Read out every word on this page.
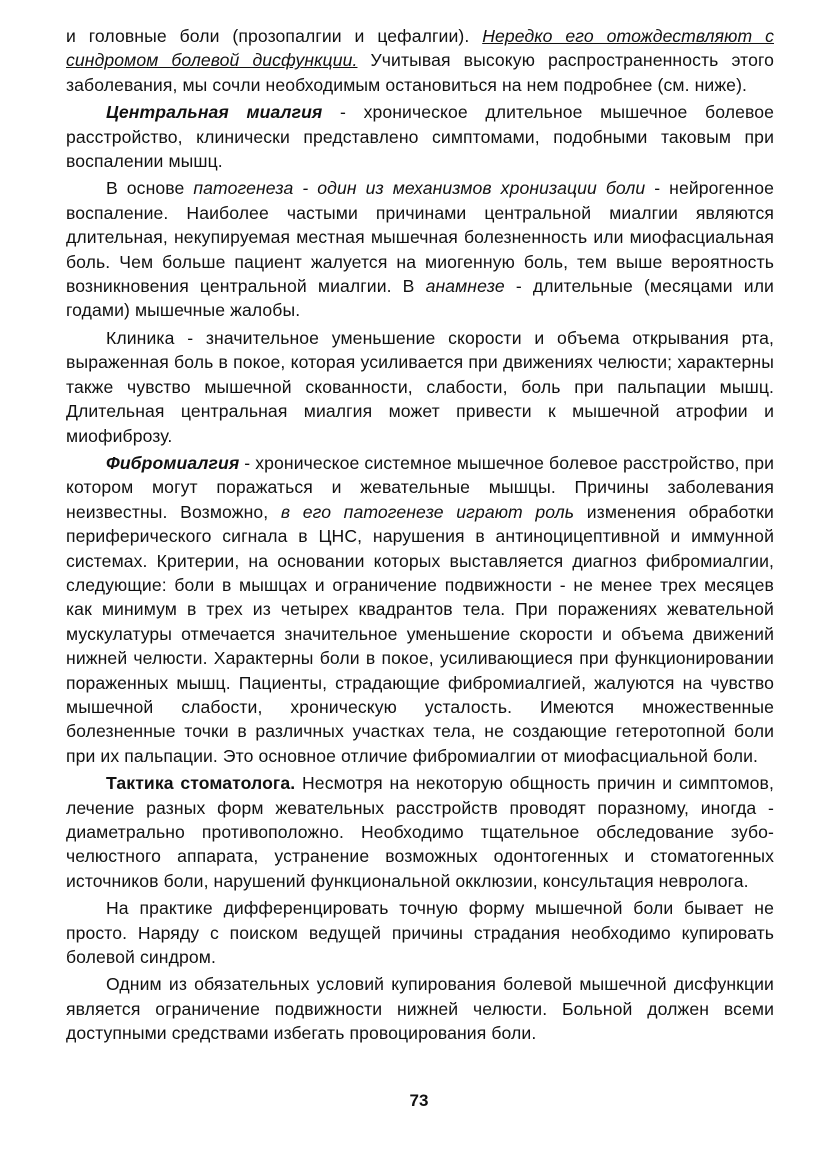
и головные боли (прозопалгии и цефалгии). Нередко его отождествляют с синдромом болевой дисфункции. Учитывая высокую распространенность этого заболевания, мы сочли необходимым остановиться на нем подробнее (см. ниже).

Центральная миалгия - хроническое длительное мышечное болевое расстройство, клинически представлено симптомами, подобными таковым при воспалении мышц.

В основе патогенеза - один из механизмов хронизации боли - нейрогенное воспаление. Наиболее частыми причинами центральной миалгии являются длительная, некупируемая местная мышечная болезненность или миофасциальная боль. Чем больше пациент жалуется на миогенную боль, тем выше вероятность возникновения центральной миалгии. В анамнезе - длительные (месяцами или годами) мышечные жалобы.

Клиника - значительное уменьшение скорости и объема открывания рта, выраженная боль в покое, которая усиливается при движениях челюсти; характерны также чувство мышечной скованности, слабости, боль при пальпации мышц. Длительная центральная миалгия может привести к мышечной атрофии и миофиброзу.

Фибромиалгия - хроническое системное мышечное болевое расстройство, при котором могут поражаться и жевательные мышцы. Причины заболевания неизвестны. Возможно, в его патогенезе играют роль изменения обработки периферического сигнала в ЦНС, нарушения в антиноцицептивной и иммунной системах. Критерии, на основании которых выставляется диагноз фибромиалгии, следующие: боли в мышцах и ограничение подвижности - не менее трех месяцев как минимум в трех из четырех квадрантов тела. При поражениях жевательной мускулатуры отмечается значительное уменьшение скорости и объема движений нижней челюсти. Характерны боли в покое, усиливающиеся при функционировании пораженных мышц. Пациенты, страдающие фибромиалгией, жалуются на чувство мышечной слабости, хроническую усталость. Имеются множественные болезненные точки в различных участках тела, не создающие гетеротопной боли при их пальпации. Это основное отличие фибромиалгии от миофасциальной боли.

Тактика стоматолога. Несмотря на некоторую общность причин и симптомов, лечение разных форм жевательных расстройств проводят поразному, иногда - диаметрально противоположно. Необходимо тщательное обследование зубо-челюстного аппарата, устранение возможных одонтогенных и стоматогенных источников боли, нарушений функциональной окклюзии, консультация невролога.

На практике дифференцировать точную форму мышечной боли бывает не просто. Наряду с поиском ведущей причины страдания необходимо купировать болевой синдром.

Одним из обязательных условий купирования болевой мышечной дисфункции является ограничение подвижности нижней челюсти. Больной должен всеми доступными средствами избегать провоцирования боли.

73
